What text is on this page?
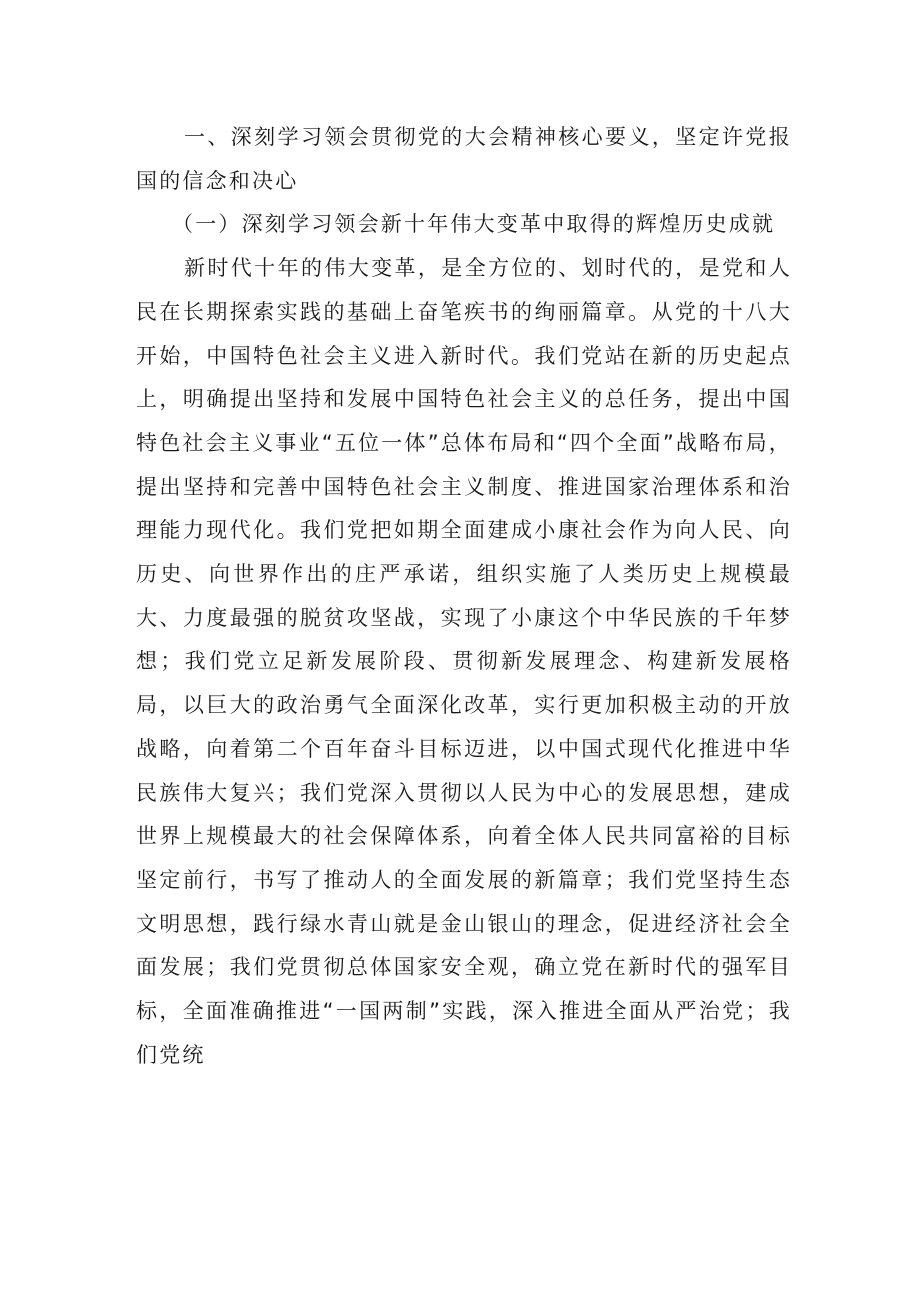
一、深刻学习领会贯彻党的大会精神核心要义，坚定许党报国的信念和决心

（一）深刻学习领会新十年伟大变革中取得的辉煌历史成就

新时代十年的伟大变革，是全方位的、划时代的，是党和人民在长期探索实践的基础上奋笔疾书的绚丽篇章。从党的十八大开始，中国特色社会主义进入新时代。我们党站在新的历史起点上，明确提出坚持和发展中国特色社会主义的总任务，提出中国特色社会主义事业“五位一体”总体布局和“四个全面”战略布局，提出坚持和完善中国特色社会主义制度、推进国家治理体系和治理能力现代化。我们党把如期全面建成小康社会作为向人民、向历史、向世界作出的庄严承诺，组织实施了人类历史上规模最大、力度最强的脱贫攻坚战，实现了小康这个中华民族的千年梦想；我们党立足新发展阶段、贯彻新发展理念、构建新发展格局，以巨大的政治勇气全面深化改革，实行更加积极主动的开放战略，向着第二个百年奋斗目标迈进，以中国式现代化推进中华民族伟大复兴；我们党深入贯彻以人民为中心的发展思想，建成世界上规模最大的社会保障体系，向着全体人民共同富裕的目标坚定前行，书写了推动人的全面发展的新篇章；我们党坚持生态文明思想，践行绿水青山就是金山银山的理念，促进经济社会全面发展；我们党贯彻总体国家安全观，确立党在新时代的强军目标，全面准确推进“一国两制”实践，深入推进全面从严治党；我们党统
